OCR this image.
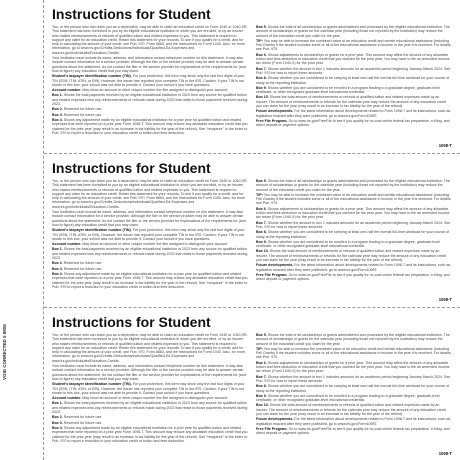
VOID CORRECTED 5 8808
Instructions for Student

You, or the person who can claim you as a dependent, may be able to claim an education credit on Form 1040 or 1040-SR. This statement has been furnished to you by an eligible educational institution in which you are enrolled, or by an insurer who makes reimbursements or refunds of qualified tuition and related expenses to you. This statement is required to support any claim for an education credit. Retain this statement for your records. To see if you qualify for a credit, and for help in calculating the amount of your credit, see Pub. 970, Form 8863, and the Instructions for Form 1040. Also, for more information, go to www.irs.gov/Credits-Deductions/Individuals/Qualified-Ed-Expenses and www.irs.gov/Individuals/Education-Credits.

Your institution must include its name, address, and information contact telephone number on this statement. It may also include contact information for a service provider. Although the filer or the service provider may be able to answer certain questions about the statement, do not contact the filer or the service provider for explanations of the requirements for (and how to figure) any education credit that you may claim.

Student's taxpayer identification number (TIN). For your protection, this form may show only the last four digits of your TIN (SSN, ITIN, ATIN, or EIN). However, the issuer has reported your complete TIN to the IRS. Caution: If your TIN is not shown in this box, your school was not able to provide it. Contact your school if you have questions.

Account number. May show an account or other unique number the filer assigned to distinguish your account.

Box 1. Shows the total payments received by an eligible educational institution in 2023 from any source for qualified tuition and related expenses less any reimbursements or refunds made during 2023 that relate to those payments received during 2023.

Box 2. Reserved for future use.

Box 3. Reserved for future use.

Box 4. Shows any adjustment made by an eligible educational institution for a prior year for qualified tuition and related expenses that were reported on a prior year Form 1098-T. This amount may reduce any allowable education credit that you claimed for the prior year (may result in an increase in tax liability for the year of the refund). See "recapture" in the index to Pub. 970 to report a reduction in your education credit or tuition and fees deduction.

Box 5. Shows the total of all scholarships or grants administered and processed by the eligible educational institution. The amount of scholarships or grants for the calendar year (including those not reported by the institution) may reduce the amount of the education credit you claim for the year.

TIP: You may be able to increase the combined value of an education credit and certain educational assistance (including Pell Grants) if the student includes some or all of the educational assistance in income in the year it is received. For details, see Pub. 970.

Box 6. Shows adjustments to scholarships or grants for a prior year. This amount may affect the amount of any allowable tuition and fees deduction or education credit that you claimed for the prior year. You may have to file an amended income tax return (Form 1040-X) for the prior year.

Box 7. Shows whether the amount in box 1 includes amounts for an academic period beginning January-March 2024. See Pub. 970 for how to report these amounts.

Box 8. Shows whether you are considered to be carrying at least one-half the normal full-time workload for your course of study at the reporting institution.

Box 9. Shows whether you are considered to be enrolled in a program leading to a graduate degree, graduate-level certificate, or other recognized graduate-level educational credential.

Box 10. Shows the total amount of reimbursements or refunds of qualified tuition and related expenses made by an insurer. The amount of reimbursements or refunds for the calendar year may reduce the amount of any education credit you can claim for the year (may result in an increase in tax liability for the year of the refund).

Future developments. For the latest information about developments related to Form 1098-T and its instructions, such as legislation enacted after they were published, go to www.irs.gov/Form1098T.

Free File Program. Go to www.irs.gov/FreeFile to see if you qualify for no-cost online federal tax preparation, e-filing, and direct deposit or payment options.

1098-T
Instructions for Student

You, or the person who can claim you as a dependent, may be able to claim an education credit on Form 1040 or 1040-SR. This statement has been furnished to you by an eligible educational institution in which you are enrolled, or by an insurer who makes reimbursements or refunds of qualified tuition and related expenses to you. This statement is required to support any claim for an education credit. Retain this statement for your records. To see if you qualify for a credit, and for help in calculating the amount of your credit, see Pub. 970, Form 8863, and the Instructions for Form 1040. Also, for more information, go to www.irs.gov/Credits-Deductions/Individuals/Qualified-Ed-Expenses and www.irs.gov/Individuals/Education-Credits.

Your institution must include its name, address, and information contact telephone number on this statement. It may also include contact information for a service provider. Although the filer or the service provider may be able to answer certain questions about the statement, do not contact the filer or the service provider for explanations of the requirements for (and how to figure) any education credit that you may claim.

Student's taxpayer identification number (TIN). For your protection, this form may show only the last four digits of your TIN (SSN, ITIN, ATIN, or EIN). However, the issuer has reported your complete TIN to the IRS. Caution: If your TIN is not shown in this box, your school was not able to provide it. Contact your school if you have questions.

Account number. May show an account or other unique number the filer assigned to distinguish your account.

Box 1. Shows the total payments received by an eligible educational institution in 2023 from any source for qualified tuition and related expenses less any reimbursements or refunds made during 2023 that relate to those payments received during 2023.

Box 2. Reserved for future use.

Box 3. Reserved for future use.

Box 4. Shows any adjustment made by an eligible educational institution for a prior year for qualified tuition and related expenses that were reported on a prior year Form 1098-T. This amount may reduce any allowable education credit that you claimed for the prior year (may result in an increase in tax liability for the year of the refund). See "recapture" in the index to Pub. 970 to report a reduction in your education credit or tuition and fees deduction.

Box 5. Shows the total of all scholarships or grants administered and processed by the eligible educational institution. The amount of scholarships or grants for the calendar year (including those not reported by the institution) may reduce the amount of the education credit you claim for the year.

TIP: You may be able to increase the combined value of an education credit and certain educational assistance (including Pell Grants) if the student includes some or all of the educational assistance in income in the year it is received. For details, see Pub. 970.

Box 6. Shows adjustments to scholarships or grants for a prior year. This amount may affect the amount of any allowable tuition and fees deduction or education credit that you claimed for the prior year. You may have to file an amended income tax return (Form 1040-X) for the prior year.

Box 7. Shows whether the amount in box 1 includes amounts for an academic period beginning January-March 2024. See Pub. 970 for how to report these amounts.

Box 8. Shows whether you are considered to be carrying at least one-half the normal full-time workload for your course of study at the reporting institution.

Box 9. Shows whether you are considered to be enrolled in a program leading to a graduate degree, graduate-level certificate, or other recognized graduate-level educational credential.

Box 10. Shows the total amount of reimbursements or refunds of qualified tuition and related expenses made by an insurer. The amount of reimbursements or refunds for the calendar year may reduce the amount of any education credit you can claim for the year (may result in an increase in tax liability for the year of the refund).

Future developments. For the latest information about developments related to Form 1098-T and its instructions, such as legislation enacted after they were published, go to www.irs.gov/Form1098T.

Free File Program. Go to www.irs.gov/FreeFile to see if you qualify for no-cost online federal tax preparation, e-filing, and direct deposit or payment options.

1098-T
Instructions for Student

You, or the person who can claim you as a dependent, may be able to claim an education credit on Form 1040 or 1040-SR. This statement has been furnished to you by an eligible educational institution in which you are enrolled, or by an insurer who makes reimbursements or refunds of qualified tuition and related expenses to you. This statement is required to support any claim for an education credit. Retain this statement for your records. To see if you qualify for a credit, and for help in calculating the amount of your credit, see Pub. 970, Form 8863, and the Instructions for Form 1040. Also, for more information, go to www.irs.gov/Credits-Deductions/Individuals/Qualified-Ed-Expenses and www.irs.gov/Individuals/Education-Credits.

Your institution must include its name, address, and information contact telephone number on this statement. It may also include contact information for a service provider. Although the filer or the service provider may be able to answer certain questions about the statement, do not contact the filer or the service provider for explanations of the requirements for (and how to figure) any education credit that you may claim.

Student's taxpayer identification number (TIN). For your protection, this form may show only the last four digits of your TIN (SSN, ITIN, ATIN, or EIN). However, the issuer has reported your complete TIN to the IRS. Caution: If your TIN is not shown in this box, your school was not able to provide it. Contact your school if you have questions.

Account number. May show an account or other unique number the filer assigned to distinguish your account.

Box 1. Shows the total payments received by an eligible educational institution in 2023 from any source for qualified tuition and related expenses less any reimbursements or refunds made during 2023 that relate to those payments received during 2023.

Box 2. Reserved for future use.

Box 3. Reserved for future use.

Box 4. Shows any adjustment made by an eligible educational institution for a prior year for qualified tuition and related expenses that were reported on a prior year Form 1098-T. This amount may reduce any allowable education credit that you claimed for the prior year (may result in an increase in tax liability for the year of the refund). See "recapture" in the index to Pub. 970 to report a reduction in your education credit or tuition and fees deduction.

Box 5. Shows the total of all scholarships or grants administered and processed by the eligible educational institution. The amount of scholarships or grants for the calendar year (including those not reported by the institution) may reduce the amount of the education credit you claim for the year.

TIP: You may be able to increase the combined value of an education credit and certain educational assistance (including Pell Grants) if the student includes some or all of the educational assistance in income in the year it is received. For details, see Pub. 970.

Box 6. Shows adjustments to scholarships or grants for a prior year. This amount may affect the amount of any allowable tuition and fees deduction or education credit that you claimed for the prior year. You may have to file an amended income tax return (Form 1040-X) for the prior year.

Box 7. Shows whether the amount in box 1 includes amounts for an academic period beginning January-March 2024. See Pub. 970 for how to report these amounts.

Box 8. Shows whether you are considered to be carrying at least one-half the normal full-time workload for your course of study at the reporting institution.

Box 9. Shows whether you are considered to be enrolled in a program leading to a graduate degree, graduate-level certificate, or other recognized graduate-level educational credential.

Box 10. Shows the total amount of reimbursements or refunds of qualified tuition and related expenses made by an insurer. The amount of reimbursements or refunds for the calendar year may reduce the amount of any education credit you can claim for the year (may result in an increase in tax liability for the year of the refund).

Future developments. For the latest information about developments related to Form 1098-T and its instructions, such as legislation enacted after they were published, go to www.irs.gov/Form1098T.

Free File Program. Go to www.irs.gov/FreeFile to see if you qualify for no-cost online federal tax preparation, e-filing, and direct deposit or payment options.

1098-T
